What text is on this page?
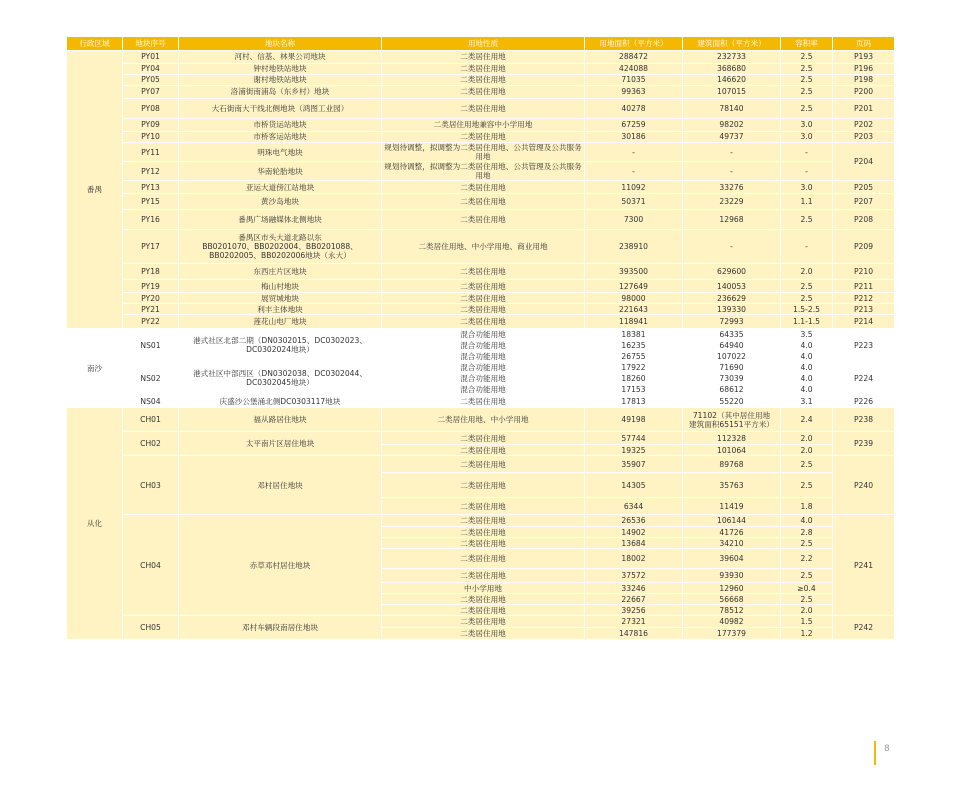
行政区域	地块序号	地块名称	用地性质	用地面积（平方米）	建筑面积（平方米）	容积率	页码
番禺	PY01	河村、信基、林果公司地块	二类居住用地	288472	232733	2.5	P193
	PY04	钟村地铁站地块	二类居住用地	424088	368680	2.5	P196
	PY05	谢村地铁站地块	二类居住用地	71035	146620	2.5	P198
	PY07	洛浦街南浦岛（东乡村）地块	二类居住用地	99363	107015	2.5	P200
	PY08	大石街南大干线北侧地块（鸿图工业园）	二类居住用地	40278	78140	2.5	P201
	PY09	市桥货运站地块	二类居住用地兼容中小学用地	67259	98202	3.0	P202
	PY10	市桥客运站地块	二类居住用地	30186	49737	3.0	P203
	PY11	明珠电气地块	规划待调整，拟调整为二类居住用地、公共管理及公共服务用地	-	-	-	P204
	PY12	华南轮胎地块	规划待调整，拟调整为二类居住用地、公共管理及公共服务用地	-	-	-	
	PY13	亚运大道傍江站地块	二类居住用地	11092	33276	3.0	P205
	PY15	黄沙岛地块	二类居住用地	50371	23229	1.1	P207
	PY16	番禺广场融媒体北侧地块	二类居住用地	7300	12968	2.5	P208
	PY17	番禺区市头大道北路以东
BB0201070、BB0202004、BB0201088、
BB0202005、BB0202006地块（永大）	二类居住用地、中小学用地、商业用地	238910	-	-	P209
	PY18	东西庄片区地块	二类居住用地	393500	629600	2.0	P210
	PY19	梅山村地块	二类居住用地	127649	140053	2.5	P211
	PY20	展贸城地块	二类居住用地	98000	236629	2.5	P212
	PY21	利丰主体地块	二类居住用地	221643	139330	1.5-2.5	P213
	PY22	莲花山电厂地块	二类居住用地	118941	72993	1.1-1.5	P214
南沙	NS01	港式社区北部二期（DN0302015、DC0302023、DC0302024地块）	混合功能用地	18381	64335	3.5	P223
			混合功能用地	16235	64940	4.0	
			混合功能用地	26755	107022	4.0	
	NS02	港式社区中部西区（DN0302038、DC0302044、DC0302045地块）	混合功能用地	17922	71690	4.0	P224
			混合功能用地	18260	73039	4.0	
			混合功能用地	17153	68612	4.0	
	NS04	庆盛沙公堡涌北侧DC0303117地块	二类居住用地	17813	55220	3.1	P226
从化	CH01	福从路居住地块	二类居住用地、中小学用地	49198	71102（其中居住用地
建筑面积65151平方米）	2.4	P238
	CH02	太平南片区居住地块	二类居住用地	57744	112328	2.0	P239
			二类居住用地	19325	101064	2.0	
	CH03	邓村居住地块	二类居住用地	35907	89768	2.5	P240
			二类居住用地	14305	35763	2.5	
			二类居住用地	6344	11419	1.8	
	CH04	赤草邓村居住地块	二类居住用地	26536	106144	4.0	P241
			二类居住用地	14902	41726	2.8	
			二类居住用地	13684	34210	2.5	
			二类居住用地	18002	39604	2.2	
			二类居住用地	37572	93930	2.5	
			中小学用地	33246	12960	≥0.4	
			二类居住用地	22667	56668	2.5	
			二类居住用地	39256	78512	2.0	
	CH05	邓村车辆段南居住地块	二类居住用地	27321	40982	1.5	P242
			二类居住用地	147816	177379	1.2	
8
